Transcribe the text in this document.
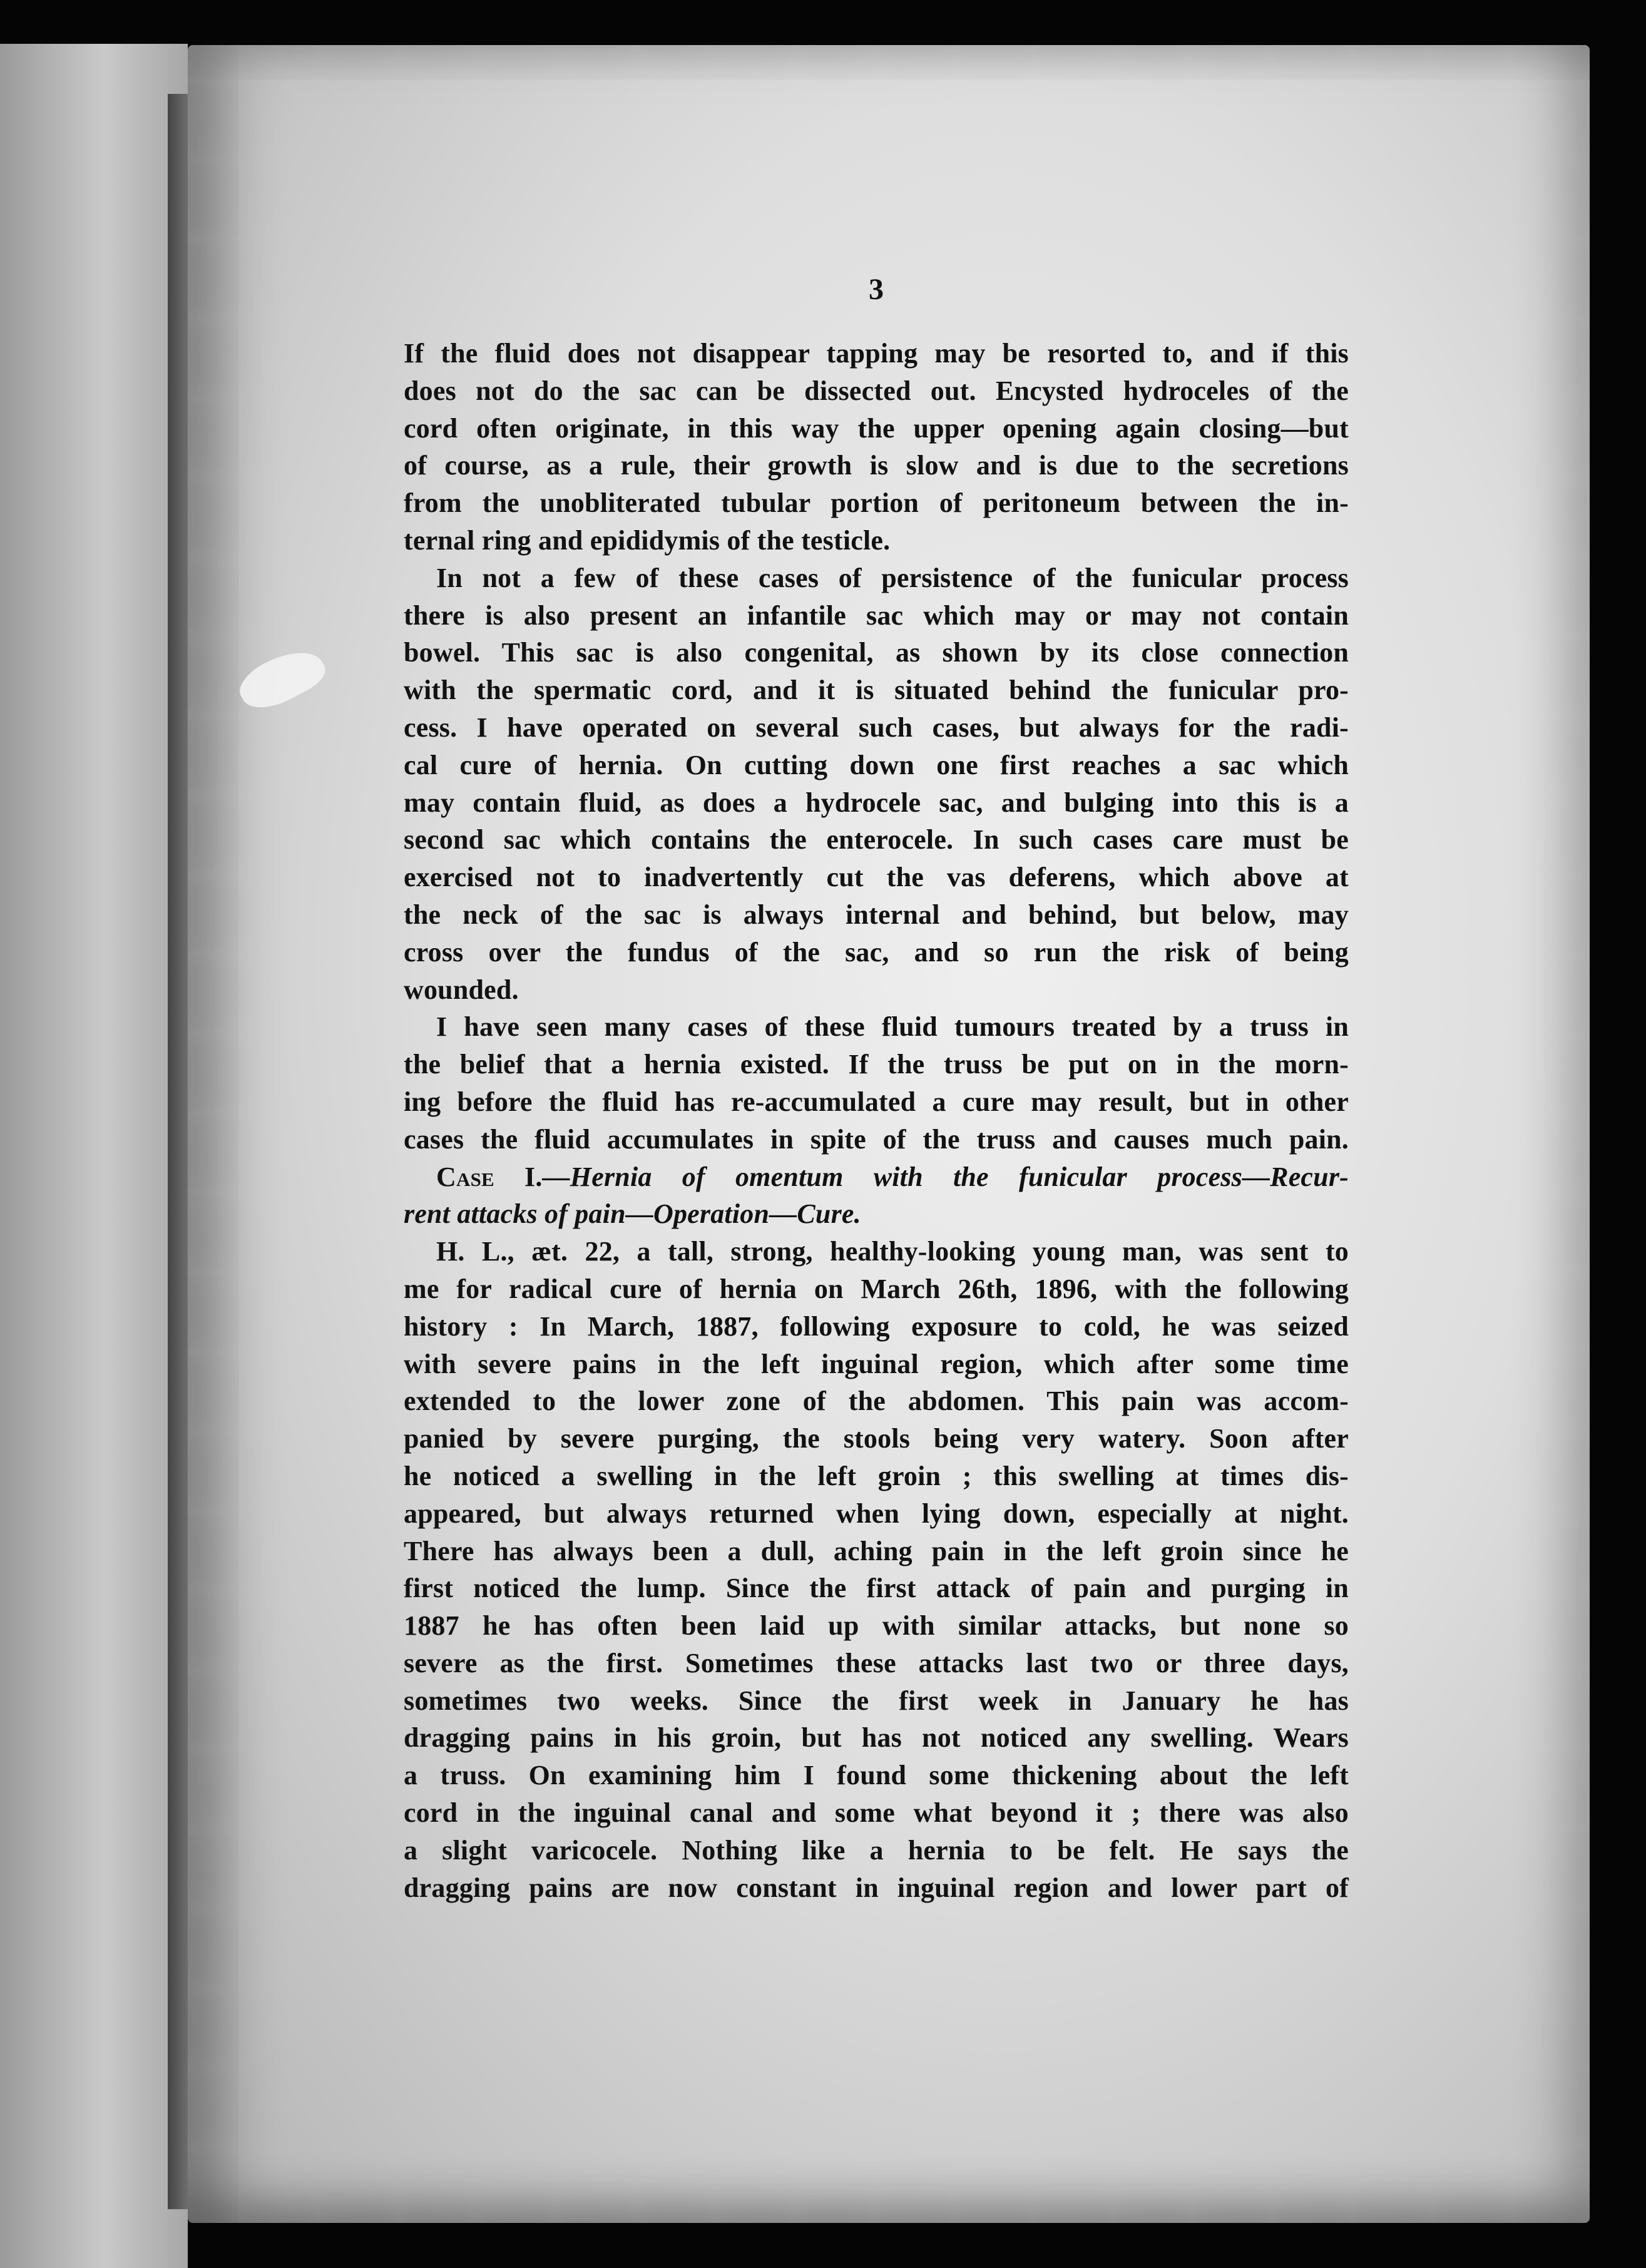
3
If the fluid does not disappear tapping may be resorted to, and if this
does not do the sac can be dissected out. Encysted hydroceles of the
cord often originate, in this way the upper opening again closing—but
of course, as a rule, their growth is slow and is due to the secretions
from the unobliterated tubular portion of peritoneum between the in-
ternal ring and epididymis of the testicle.
In not a few of these cases of persistence of the funicular process
there is also present an infantile sac which may or may not contain
bowel. This sac is also congenital, as shown by its close connection
with the spermatic cord, and it is situated behind the funicular pro-
cess. I have operated on several such cases, but always for the radi-
cal cure of hernia. On cutting down one first reaches a sac which
may contain fluid, as does a hydrocele sac, and bulging into this is a
second sac which contains the enterocele. In such cases care must be
exercised not to inadvertently cut the vas deferens, which above at
the neck of the sac is always internal and behind, but below, may
cross over the fundus of the sac, and so run the risk of being
wounded.
I have seen many cases of these fluid tumours treated by a truss in
the belief that a hernia existed. If the truss be put on in the morn-
ing before the fluid has re-accumulated a cure may result, but in other
cases the fluid accumulates in spite of the truss and causes much pain.
Case I.—Hernia of omentum with the funicular process—Recur-
rent attacks of pain—Operation—Cure.
H. L., æt. 22, a tall, strong, healthy-looking young man, was sent to
me for radical cure of hernia on March 26th, 1896, with the following
history : In March, 1887, following exposure to cold, he was seized
with severe pains in the left inguinal region, which after some time
extended to the lower zone of the abdomen. This pain was accom-
panied by severe purging, the stools being very watery. Soon after
he noticed a swelling in the left groin ; this swelling at times dis-
appeared, but always returned when lying down, especially at night.
There has always been a dull, aching pain in the left groin since he
first noticed the lump. Since the first attack of pain and purging in
1887 he has often been laid up with similar attacks, but none so
severe as the first. Sometimes these attacks last two or three days,
sometimes two weeks. Since the first week in January he has
dragging pains in his groin, but has not noticed any swelling. Wears
a truss. On examining him I found some thickening about the left
cord in the inguinal canal and some what beyond it ; there was also
a slight varicocele. Nothing like a hernia to be felt. He says the
dragging pains are now constant in inguinal region and lower part of
